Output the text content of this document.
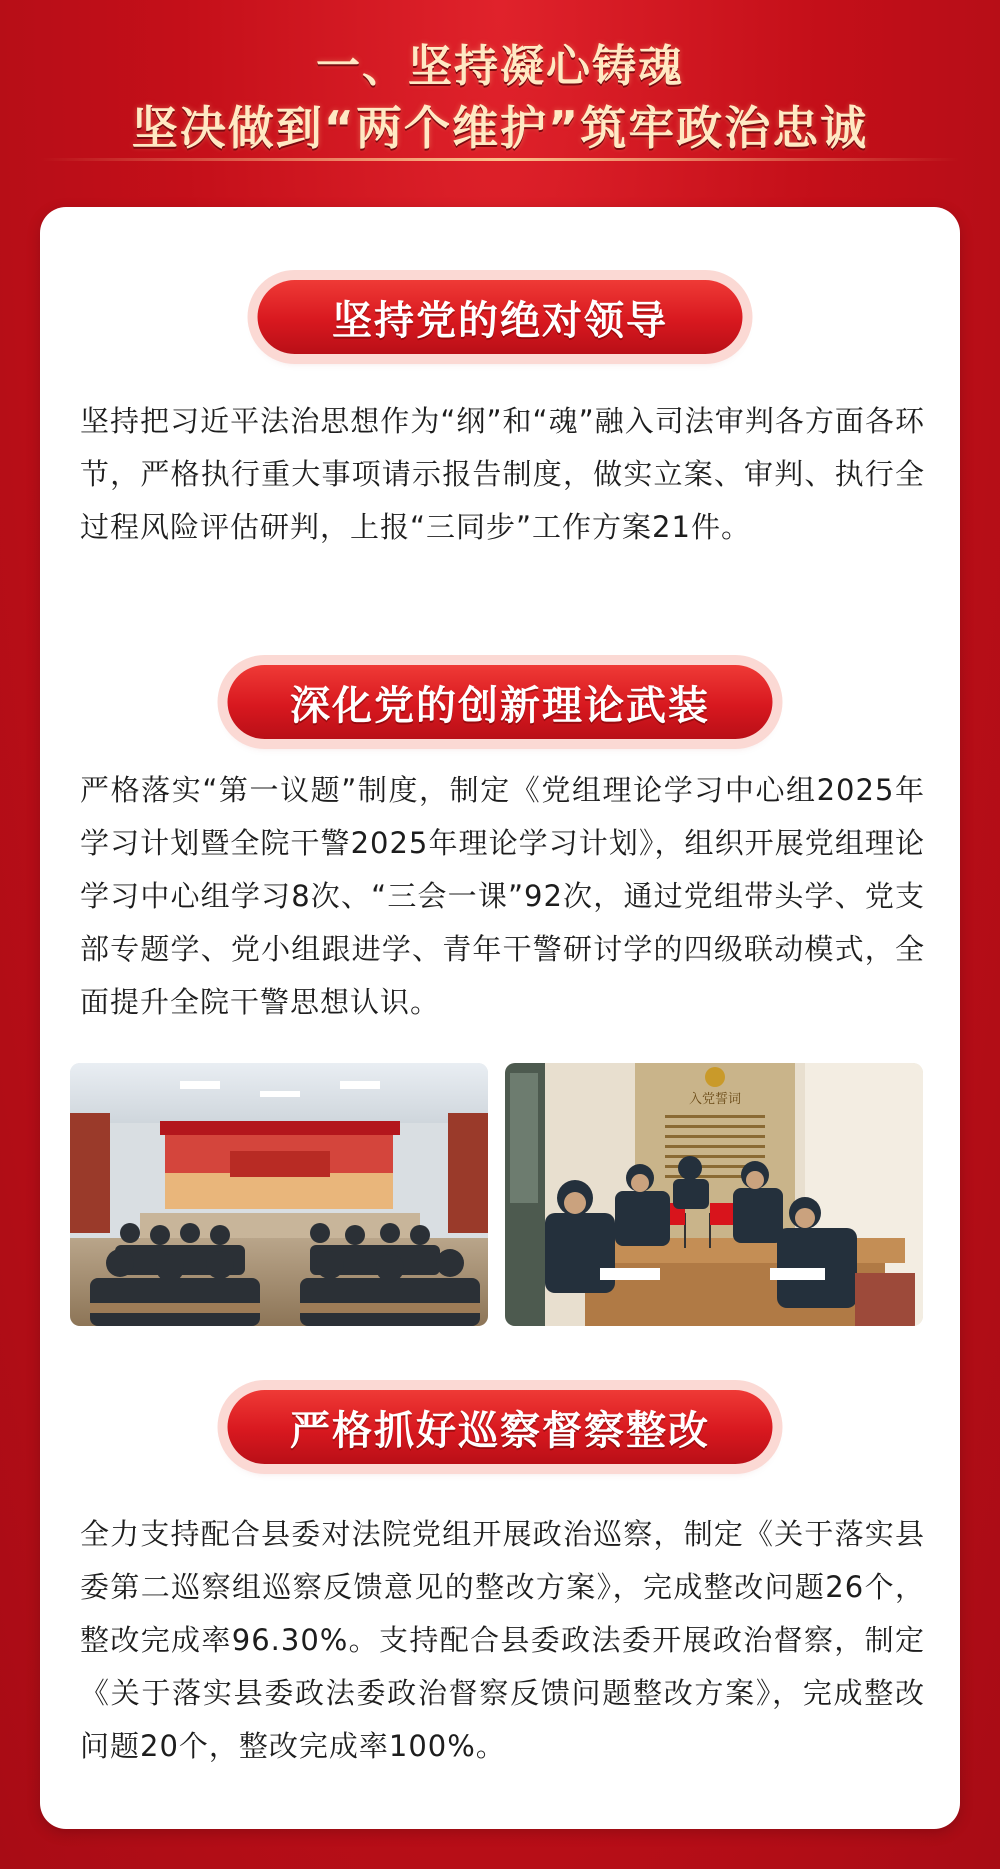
一、坚持凝心铸魂
坚决做到“两个维护”筑牢政治忠诚
坚持党的绝对领导
坚持把习近平法治思想作为“纲”和“魂”融入司法审判各方面各环节，严格执行重大事项请示报告制度，做实立案、审判、执行全过程风险评估研判，上报“三同步”工作方案21件。
深化党的创新理论武装
严格落实“第一议题”制度，制定《党组理论学习中心组2025年学习计划暨全院干警2025年理论学习计划》，组织开展党组理论学习中心组学习8次、“三会一课”92次，通过党组带头学、党支部专题学、党小组跟进学、青年干警研讨学的四级联动模式，全面提升全院干警思想认识。
入党誓词
严格抓好巡察督察整改
全力支持配合县委对法院党组开展政治巡察，制定《关于落实县委第二巡察组巡察反馈意见的整改方案》，完成整改问题26个，整改完成率96.30%。支持配合县委政法委开展政治督察，制定《关于落实县委政法委政治督察反馈问题整改方案》，完成整改问题20个，整改完成率100%。
